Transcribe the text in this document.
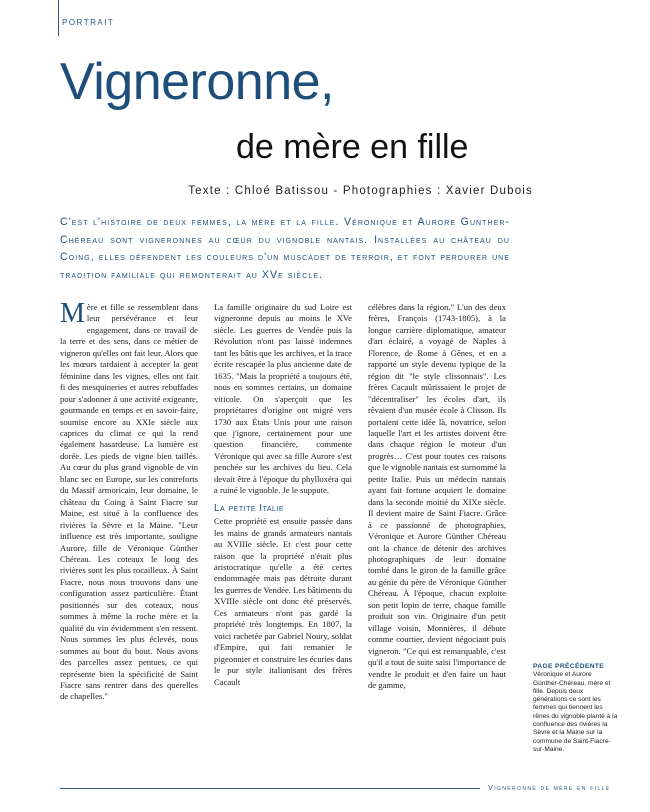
PORTRAIT
Vigneronne,
de mère en fille
Texte : Chloé Batissou - Photographies : Xavier Dubois
C'est l'histoire de deux femmes, la mère et la fille. Véronique et Aurore Gunther-Chéreau sont vigneronnes au cœur du vignoble nantais. Installées au château du Coing, elles défendent les couleurs d'un muscadet de terroir, et font perdurer une tradition familiale qui remonterait au XVe siècle.
M ère et fille se ressemblent dans leur persévérance et leur engagement, dans ce travail de la terre et des sens, dans ce métier de vigneron qu'elles ont fait leur. Alors que les mœurs tardaient à accepter la gent féminine dans les vignes, elles ont fait fi des mesquineries et autres rebuffades pour s'adonner à une activité exigeante, gourmande en temps et en savoir-faire, soumise encore au XXIe siècle aux caprices du climat ce qui la rend également hasardeuse. La lumière est dorée. Les pieds de vigne bien taillés. Au cœur du plus grand vignoble de vin blanc sec en Europe, sur les contreforts du Massif armoricain, leur domaine, le château du Coing à Saint Fiacre sur Maine, est situé à la confluence des rivières la Sèvre et la Maine. "Leur influence est très importante, souligne Aurore, fille de Véronique Günther Chéreau. Les coteaux le long des rivières sont les plus rocailleux. À Saint Fiacre, nous nous trouvons dans une configuration assez particulière. Étant positionnés sur des coteaux, nous sommes à même la roche mère et la qualité du vin évidemment s'en ressent. Nous sommes les plus éclevés, nous sommes au bout du bout. Nous avons des parcelles assez pentues, ce qui représente bien la spécificité de Saint Fiacre sans rentrer dans des querelles de chapelles."

La famille originaire du sud Loire est vigneronne depuis au moins le XVe siècle. Les guerres de Vendée puis la Révolution n'ont pas laissé indemnes tant les bâtis que les archives, et la trace écrite rescapée la plus ancienne date de 1635. "Mais la propriété a toujours été, nous en sommes certains, un domaine viticole. On s'aperçoit que les propriétaires d'origine ont migré vers 1730 aux États Unis pour une raison que j'ignore, certainement pour une question financière, commente Véronique qui avec sa fille Aurore s'est penchée sur les archives du lieu. Cela devait être à l'époque du phylloxéra qui a ruiné le vignoble. Je le suppute.

La petite Italie

Cette propriété est ensuite passée dans les mains de grands armateurs nantais au XVIIIe siècle. Et c'est pour cette raison que la propriété n'était plus aristocratique qu'elle a été certes endommagée mais pas détruite durant les guerres de Vendée. Les bâtiments du XVIIIe siècle ont donc été préservés. Ces armateurs n'ont pas gardé la propriété très longtemps. En 1807, la voici rachetée par Gabriel Noury, soldat d'Empire, qui fait remanier le pigeonnier et construire les écuries dans le pur style italianisant des frères Cacault

célèbres dans la région." L'un des deux frères, François (1743-1805), à la longue carrière diplomatique, amateur d'art éclairé, a voyagé de Naples à Florence, de Rome à Gênes, et en a rapporté un style devenu typique de la région dit "le style clissonnais". Les frères Cacault mûrissaient le projet de "décentraliser" les écoles d'art, ils rêvaient d'un musée école à Clisson. Ils portaient cette idée là, novatrice, selon laquelle l'art et les artistes doivent être dans chaque région le moteur d'un progrès… C'est pour toutes ces raisons que le vignoble nantais est surnommé la petite Italie. Puis un médecin nantais ayant fait fortune acquiert le domaine dans la seconde moitié du XIXe siècle. Il devient maire de Saint Fiacre. Grâce à ce passionné de photographies, Véronique et Aurore Günther Chéreau ont la chance de détenir des archives photographiques de leur domaine tombé dans le giron de la famille grâce au génie du père de Véronique Günther Chéreau. À l'époque, chacun exploite son petit lopin de terre, chaque famille produit son vin. Originaire d'un petit village voisin, Monnières, il débute comme courtier, devient négociant puis vigneron. "Ce qui est remarquable, c'est qu'il a tout de suite saisi l'importance de vendre le produit et d'en faire un haut de gamme,

PAGE PRÉCÉDENTE
Véronique et Aurore Günther-Chéreau, mère et fille. Depuis deux générations ce sont les femmes qui tiennent les rênes du vignoble planté à la confluence des rivières la Sèvre et la Maine sur la commune de Saint-Fiacre-sur-Maine.
Vigneronne de mère en fille
